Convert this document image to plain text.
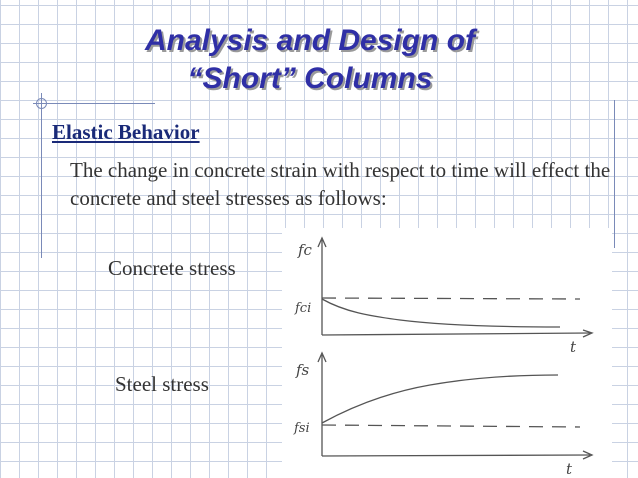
Analysis and Design of
“Short” Columns
Elastic Behavior
The change in concrete strain with respect to time will effect the concrete and steel stresses as follows:
Concrete stress
Steel stress
fc
fci
t
fs
fsi
t
